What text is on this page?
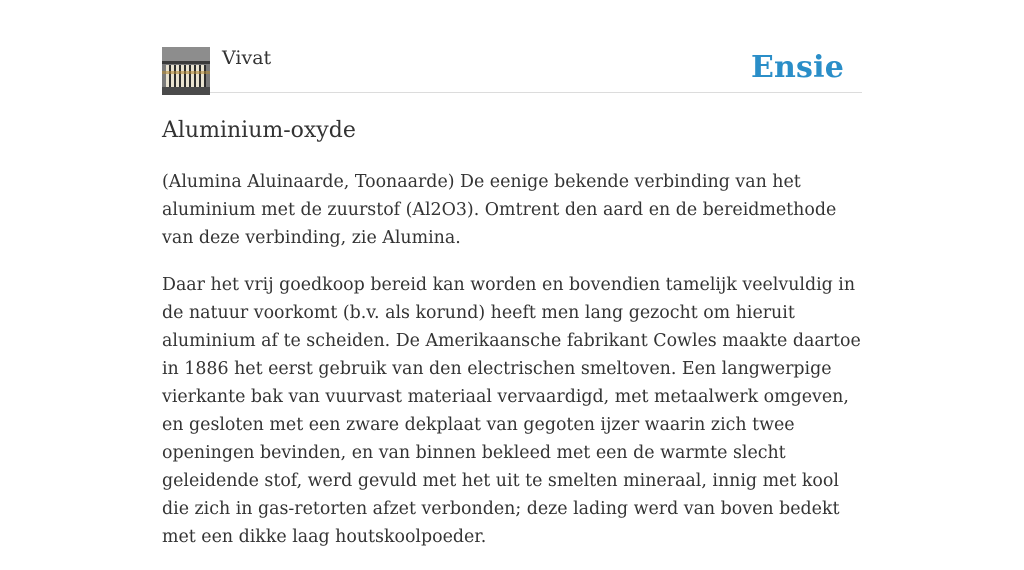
Vivat	Ensie
Aluminium-oxyde

(Alumina Aluinaarde, Toonaarde) De eenige bekende verbinding van het aluminium met de zuurstof (Al2O3). Omtrent den aard en de bereidmethode van deze verbinding, zie Alumina.

Daar het vrij goedkoop bereid kan worden en bovendien tamelijk veelvuldig in de natuur voorkomt (b.v. als korund) heeft men lang gezocht om hieruit aluminium af te scheiden. De Amerikaansche fabrikant Cowles maakte daartoe in 1886 het eerst gebruik van den electrischen smeltoven. Een langwerpige vierkante bak van vuurvast materiaal vervaardigd, met metaalwerk omgeven, en gesloten met een zware dekplaat van gegoten ijzer waarin zich twee openingen bevinden, en van binnen bekleed met een de warmte slecht geleidende stof, werd gevuld met het uit te smelten mineraal, innig met kool die zich in gas-retorten afzet verbonden; deze lading werd van boven bedekt met een dikke laag houtskoolpoeder.
